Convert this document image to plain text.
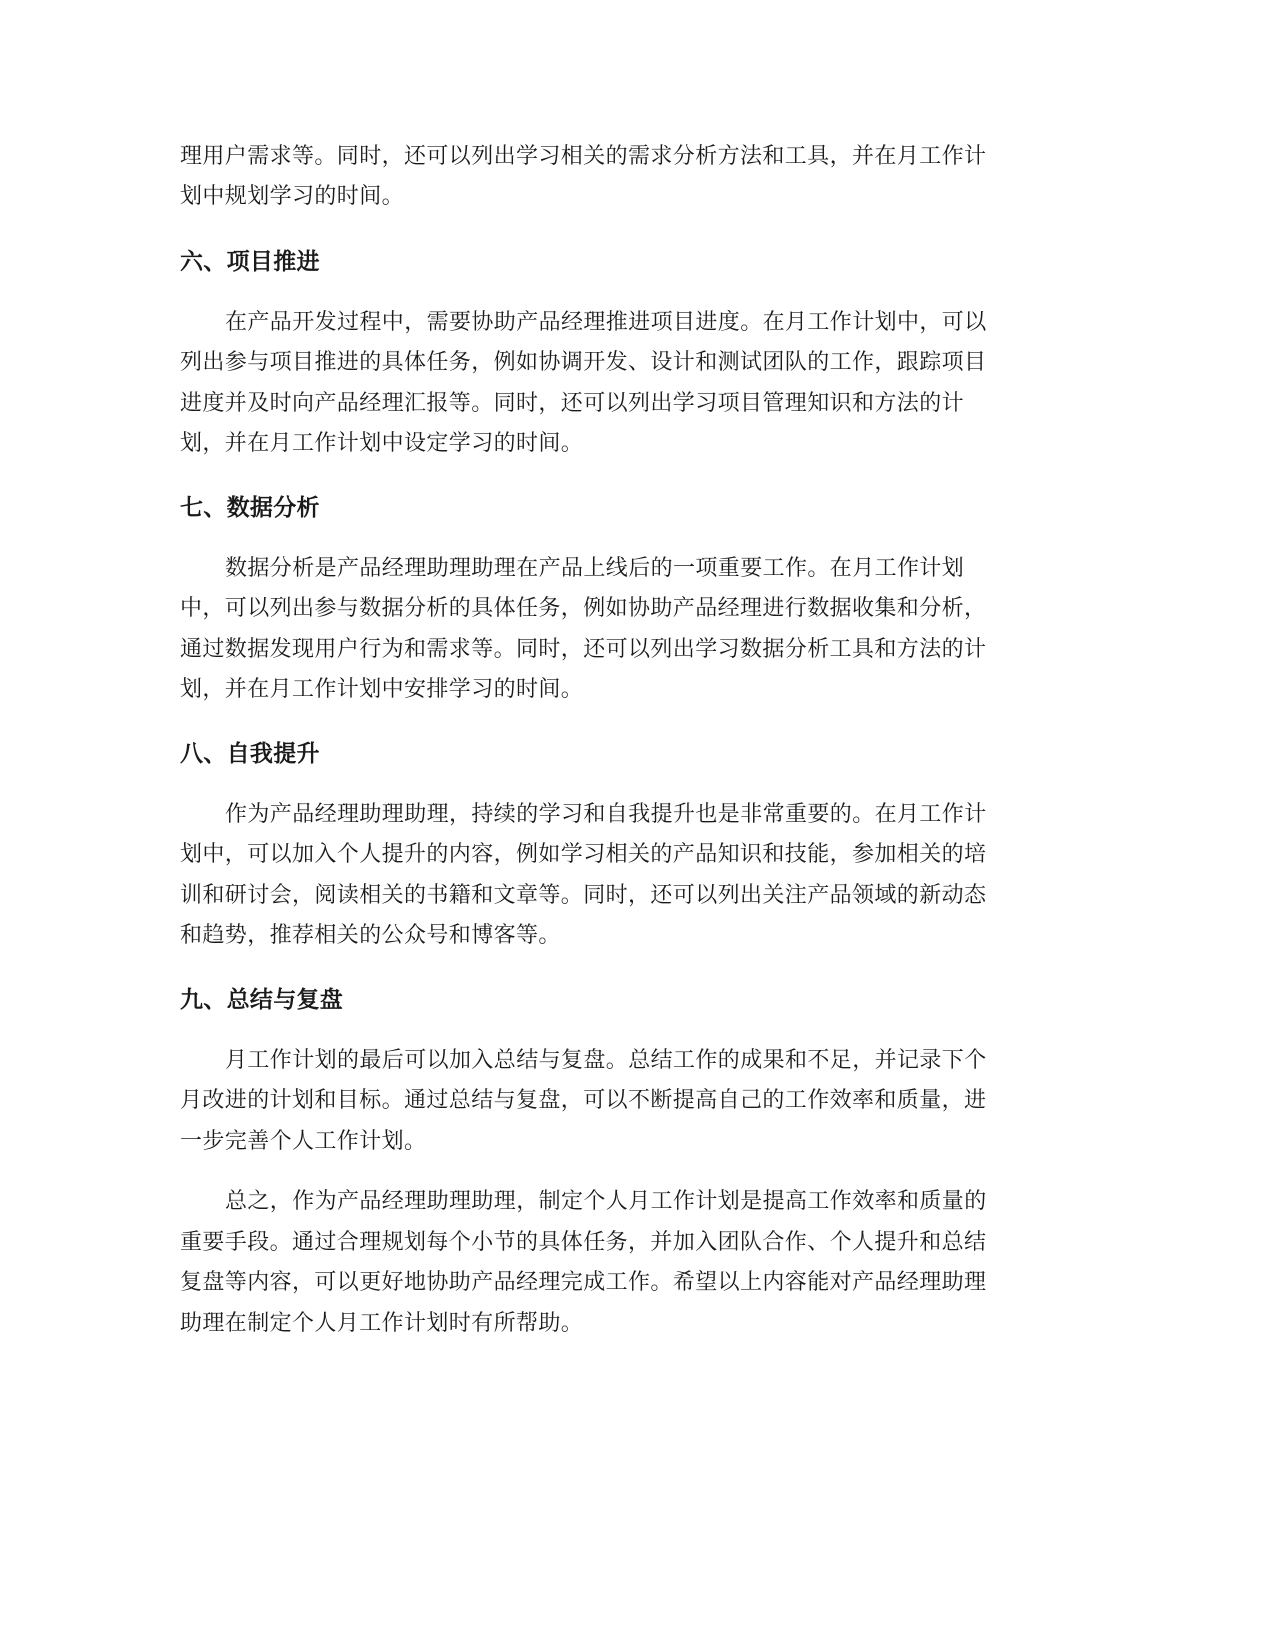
理用户需求等。同时，还可以列出学习相关的需求分析方法和工具，并在月工作计
划中规划学习的时间。
六、项目推进
在产品开发过程中，需要协助产品经理推进项目进度。在月工作计划中，可以
列出参与项目推进的具体任务，例如协调开发、设计和测试团队的工作，跟踪项目
进度并及时向产品经理汇报等。同时，还可以列出学习项目管理知识和方法的计
划，并在月工作计划中设定学习的时间。
七、数据分析
数据分析是产品经理助理助理在产品上线后的一项重要工作。在月工作计划
中，可以列出参与数据分析的具体任务，例如协助产品经理进行数据收集和分析，
通过数据发现用户行为和需求等。同时，还可以列出学习数据分析工具和方法的计
划，并在月工作计划中安排学习的时间。
八、自我提升
作为产品经理助理助理，持续的学习和自我提升也是非常重要的。在月工作计
划中，可以加入个人提升的内容，例如学习相关的产品知识和技能，参加相关的培
训和研讨会，阅读相关的书籍和文章等。同时，还可以列出关注产品领域的新动态
和趋势，推荐相关的公众号和博客等。
九、总结与复盘
月工作计划的最后可以加入总结与复盘。总结工作的成果和不足，并记录下个
月改进的计划和目标。通过总结与复盘，可以不断提高自己的工作效率和质量，进
一步完善个人工作计划。
总之，作为产品经理助理助理，制定个人月工作计划是提高工作效率和质量的
重要手段。通过合理规划每个小节的具体任务，并加入团队合作、个人提升和总结
复盘等内容，可以更好地协助产品经理完成工作。希望以上内容能对产品经理助理
助理在制定个人月工作计划时有所帮助。
